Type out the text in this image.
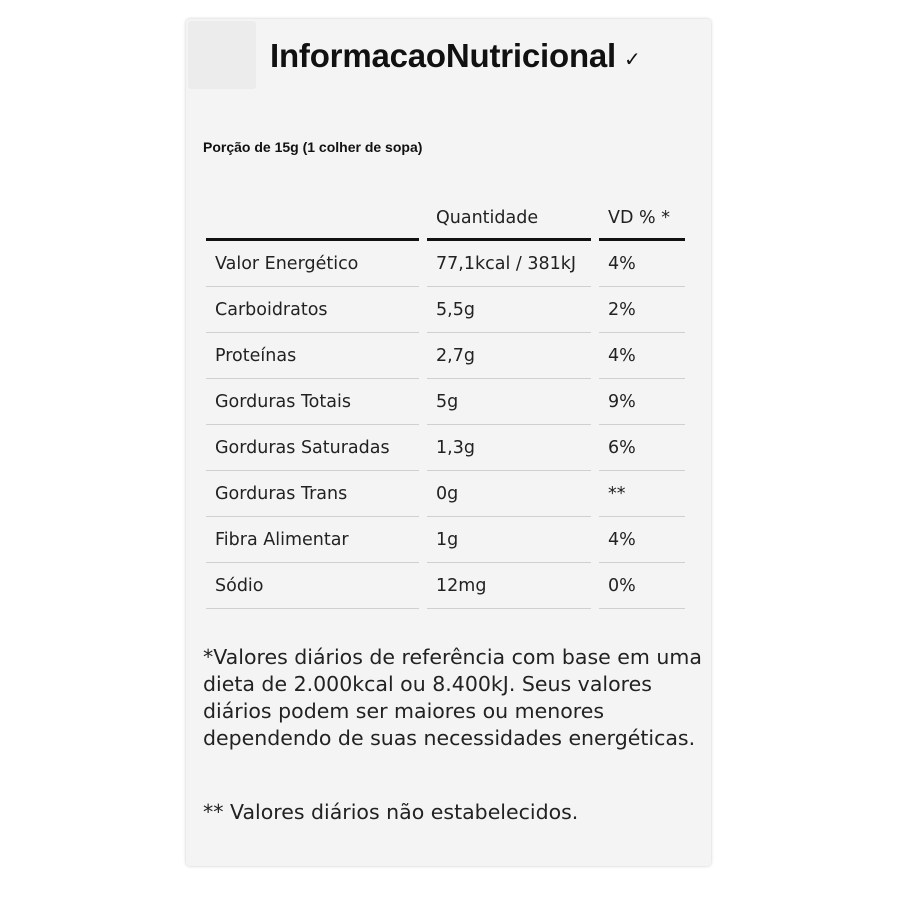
InformacaoNutricional ✓
Porção de 15g (1 colher de sopa)
	Quantidade	VD % *
Valor Energético	77,1kcal / 381kJ	4%
Carboidratos	5,5g	2%
Proteínas	2,7g	4%
Gorduras Totais	5g	9%
Gorduras Saturadas	1,3g	6%
Gorduras Trans	0g	**
Fibra Alimentar	1g	4%
Sódio	12mg	0%

*Valores diários de referência com base em uma dieta de 2.000kcal ou 8.400kJ. Seus valores diários podem ser maiores ou menores dependendo de suas necessidades energéticas.

** Valores diários não estabelecidos.
